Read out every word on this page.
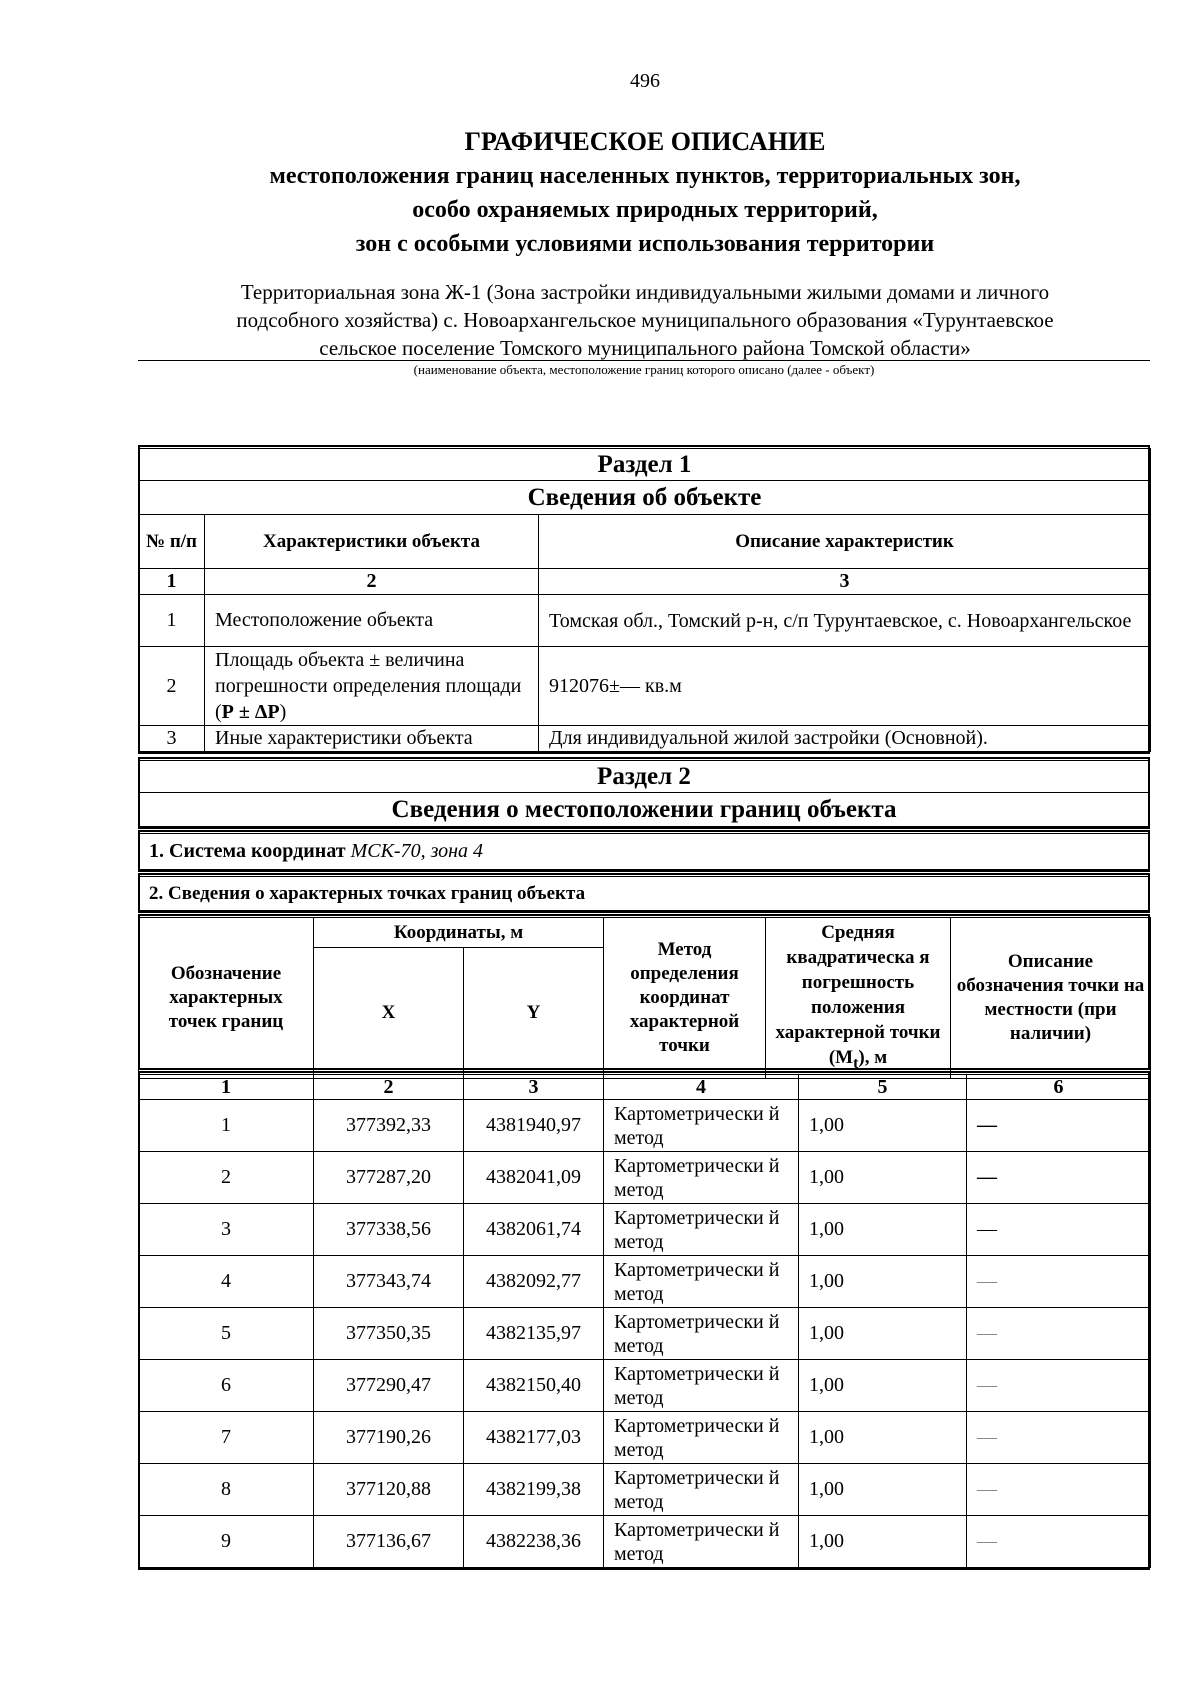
496
ГРАФИЧЕСКОЕ ОПИСАНИЕ
местоположения границ населенных пунктов, территориальных зон,
особо охраняемых природных территорий,
зон с особыми условиями использования территории
Территориальная зона Ж-1 (Зона застройки индивидуальными жилыми домами и личного
подсобного хозяйства) с. Новоархангельское муниципального образования «Турунтаевское
сельское поселение Томского муниципального района Томской области»
(наименование объекта, местоположение границ которого описано (далее - объект)
Раздел 1		
Сведения об объекте		
№ п/п	Характеристики объекта	Описание характеристик
1	2	3
1	Местоположение объекта	Томская обл., Томский р-н, с/п Турунтаевское, с. Новоархангельское
2	Площадь объекта ± величина погрешности определения площади (Р ± ΔР)	912076±— кв.м
3	Иные характеристики объекта	Для индивидуальной жилой застройки (Основной).
Раздел 2
Сведения о местоположении границ объекта
1. Система координат МСК-70, зона 4
2. Сведения о характерных точках границ объекта
Обозначение характерных точек границ	Координаты, м		Метод определения координат характерной точки	Средняя квадратическа я погрешность положения характерной точки $(M_t)$, м	Описание обозначения точки на местности (при наличии)
	X	Y			
1	2	3	4	5	6
1	377392,33	4381940,97	Картометрически й метод	1,00	—
2	377287,20	4382041,09	Картометрически й метод	1,00	—
3	377338,56	4382061,74	Картометрически й метод	1,00	—
4	377343,74	4382092,77	Картометрически й метод	1,00	—
5	377350,35	4382135,97	Картометрически й метод	1,00	—
6	377290,47	4382150,40	Картометрически й метод	1,00	—
7	377190,26	4382177,03	Картометрически й метод	1,00	—
8	377120,88	4382199,38	Картометрически й метод	1,00	—
9	377136,67	4382238,36	Картометрически й метод	1,00	—
